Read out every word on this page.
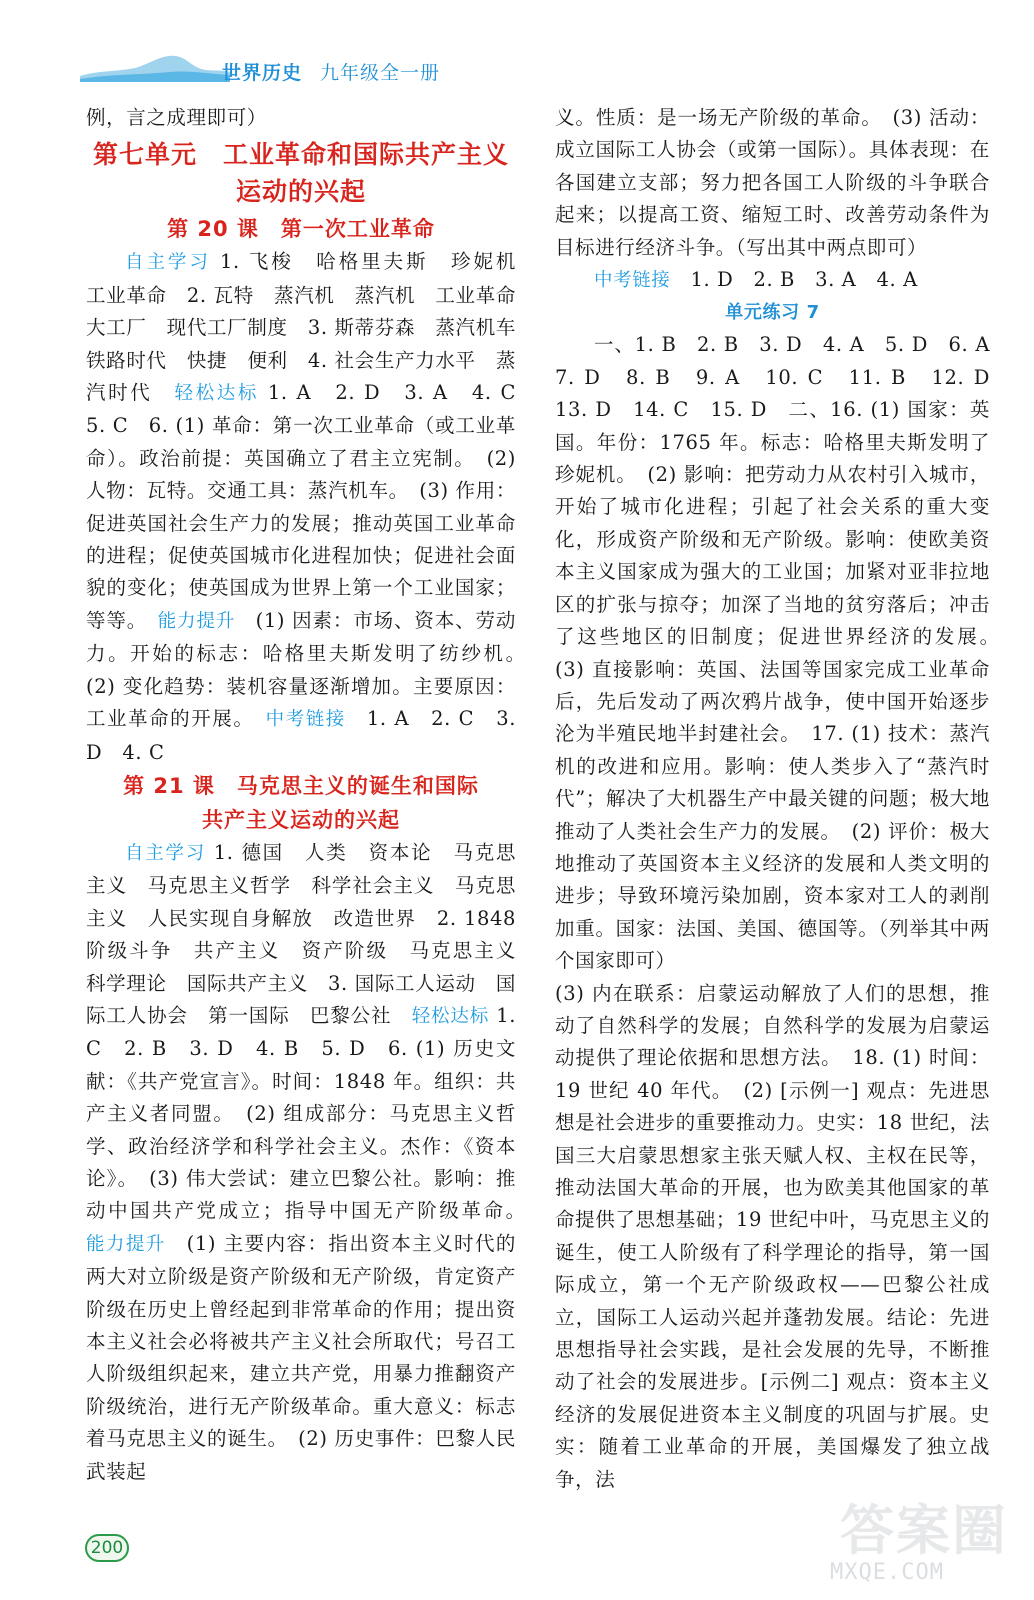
世界历史 九年级全一册

例，言之成理即可）

第七单元　工业革命和国际共产主义
运动的兴起
第 20 课　第一次工业革命

自主学习 1. 飞梭　哈格里夫斯　珍妮机　工业革命　2. 瓦特　蒸汽机　蒸汽机　工业革命　大工厂　现代工厂制度　3. 斯蒂芬森　蒸汽机车　铁路时代　快捷　便利　4. 社会生产力水平　蒸汽时代　轻松达标 1. A　2. D　3. A　4. C　5. C　6. (1) 革命：第一次工业革命（或工业革命）。政治前提：英国确立了君主立宪制。　(2) 人物：瓦特。交通工具：蒸汽机车。　(3) 作用：促进英国社会生产力的发展；推动英国工业革命的进程；促使英国城市化进程加快；促进社会面貌的变化；使英国成为世界上第一个工业国家；等等。　能力提升　(1) 因素：市场、资本、劳动力。开始的标志：哈格里夫斯发明了纺纱机。　(2) 变化趋势：装机容量逐渐增加。主要原因：工业革命的开展。　中考链接　1. A　2. C　3. D　4. C

第 21 课　马克思主义的诞生和国际
共产主义运动的兴起

自主学习 1. 德国　人类　资本论　马克思主义　马克思主义哲学　科学社会主义　马克思主义　人民实现自身解放　改造世界　2. 1848　阶级斗争　共产主义　资产阶级　马克思主义　科学理论　国际共产主义　3. 国际工人运动　国际工人协会　第一国际　巴黎公社　轻松达标 1. C　2. B　3. D　4. B　5. D　6. (1) 历史文献：《共产党宣言》。时间：1848 年。组织：共产主义者同盟。　(2) 组成部分：马克思主义哲学、政治经济学和科学社会主义。杰作：《资本论》。　(3) 伟大尝试：建立巴黎公社。影响：推动中国共产党成立；指导中国无产阶级革命。　能力提升　(1) 主要内容：指出资本主义时代的两大对立阶级是资产阶级和无产阶级，肯定资产阶级在历史上曾经起到非常革命的作用；提出资本主义社会必将被共产主义社会所取代；号召工人阶级组织起来，建立共产党，用暴力推翻资产阶级统治，进行无产阶级革命。重大意义：标志着马克思主义的诞生。　(2) 历史事件：巴黎人民武装起

义。性质：是一场无产阶级的革命。　(3) 活动：成立国际工人协会（或第一国际）。具体表现：在各国建立支部；努力把各国工人阶级的斗争联合起来；以提高工资、缩短工时、改善劳动条件为目标进行经济斗争。（写出其中两点即可）

中考链接　1. D　2. B　3. A　4. A

单元练习 7

一、1. B　2. B　3. D　4. A　5. D　6. A　7. D　8. B　9. A　10. C　11. B　12. D　13. D　14. C　15. D　二、16. (1) 国家：英国。年份：1765 年。标志：哈格里夫斯发明了珍妮机。　(2) 影响：把劳动力从农村引入城市，开始了城市化进程；引起了社会关系的重大变化，形成资产阶级和无产阶级。影响：使欧美资本主义国家成为强大的工业国；加紧对亚非拉地区的扩张与掠夺；加深了当地的贫穷落后；冲击了这些地区的旧制度；促进世界经济的发展。　(3) 直接影响：英国、法国等国家完成工业革命后，先后发动了两次鸦片战争，使中国开始逐步沦为半殖民地半封建社会。　17. (1) 技术：蒸汽机的改进和应用。影响：使人类步入了“蒸汽时代”；解决了大机器生产中最关键的问题；极大地推动了人类社会生产力的发展。　(2) 评价：极大地推动了英国资本主义经济的发展和人类文明的进步；导致环境污染加剧，资本家对工人的剥削加重。国家：法国、美国、德国等。（列举其中两个国家即可）

(3) 内在联系：启蒙运动解放了人们的思想，推动了自然科学的发展；自然科学的发展为启蒙运动提供了理论依据和思想方法。　18. (1) 时间：19 世纪 40 年代。　(2) [示例一] 观点：先进思想是社会进步的重要推动力。史实：18 世纪，法国三大启蒙思想家主张天赋人权、主权在民等，推动法国大革命的开展，也为欧美其他国家的革命提供了思想基础；19 世纪中叶，马克思主义的诞生，使工人阶级有了科学理论的指导，第一国际成立，第一个无产阶级政权——巴黎公社成立，国际工人运动兴起并蓬勃发展。结论：先进思想指导社会实践，是社会发展的先导，不断推动了社会的发展进步。[示例二] 观点：资本主义经济的发展促进资本主义制度的巩固与扩展。史实：随着工业革命的开展，美国爆发了独立战争，法

200	答案圈
MXQE.COM
